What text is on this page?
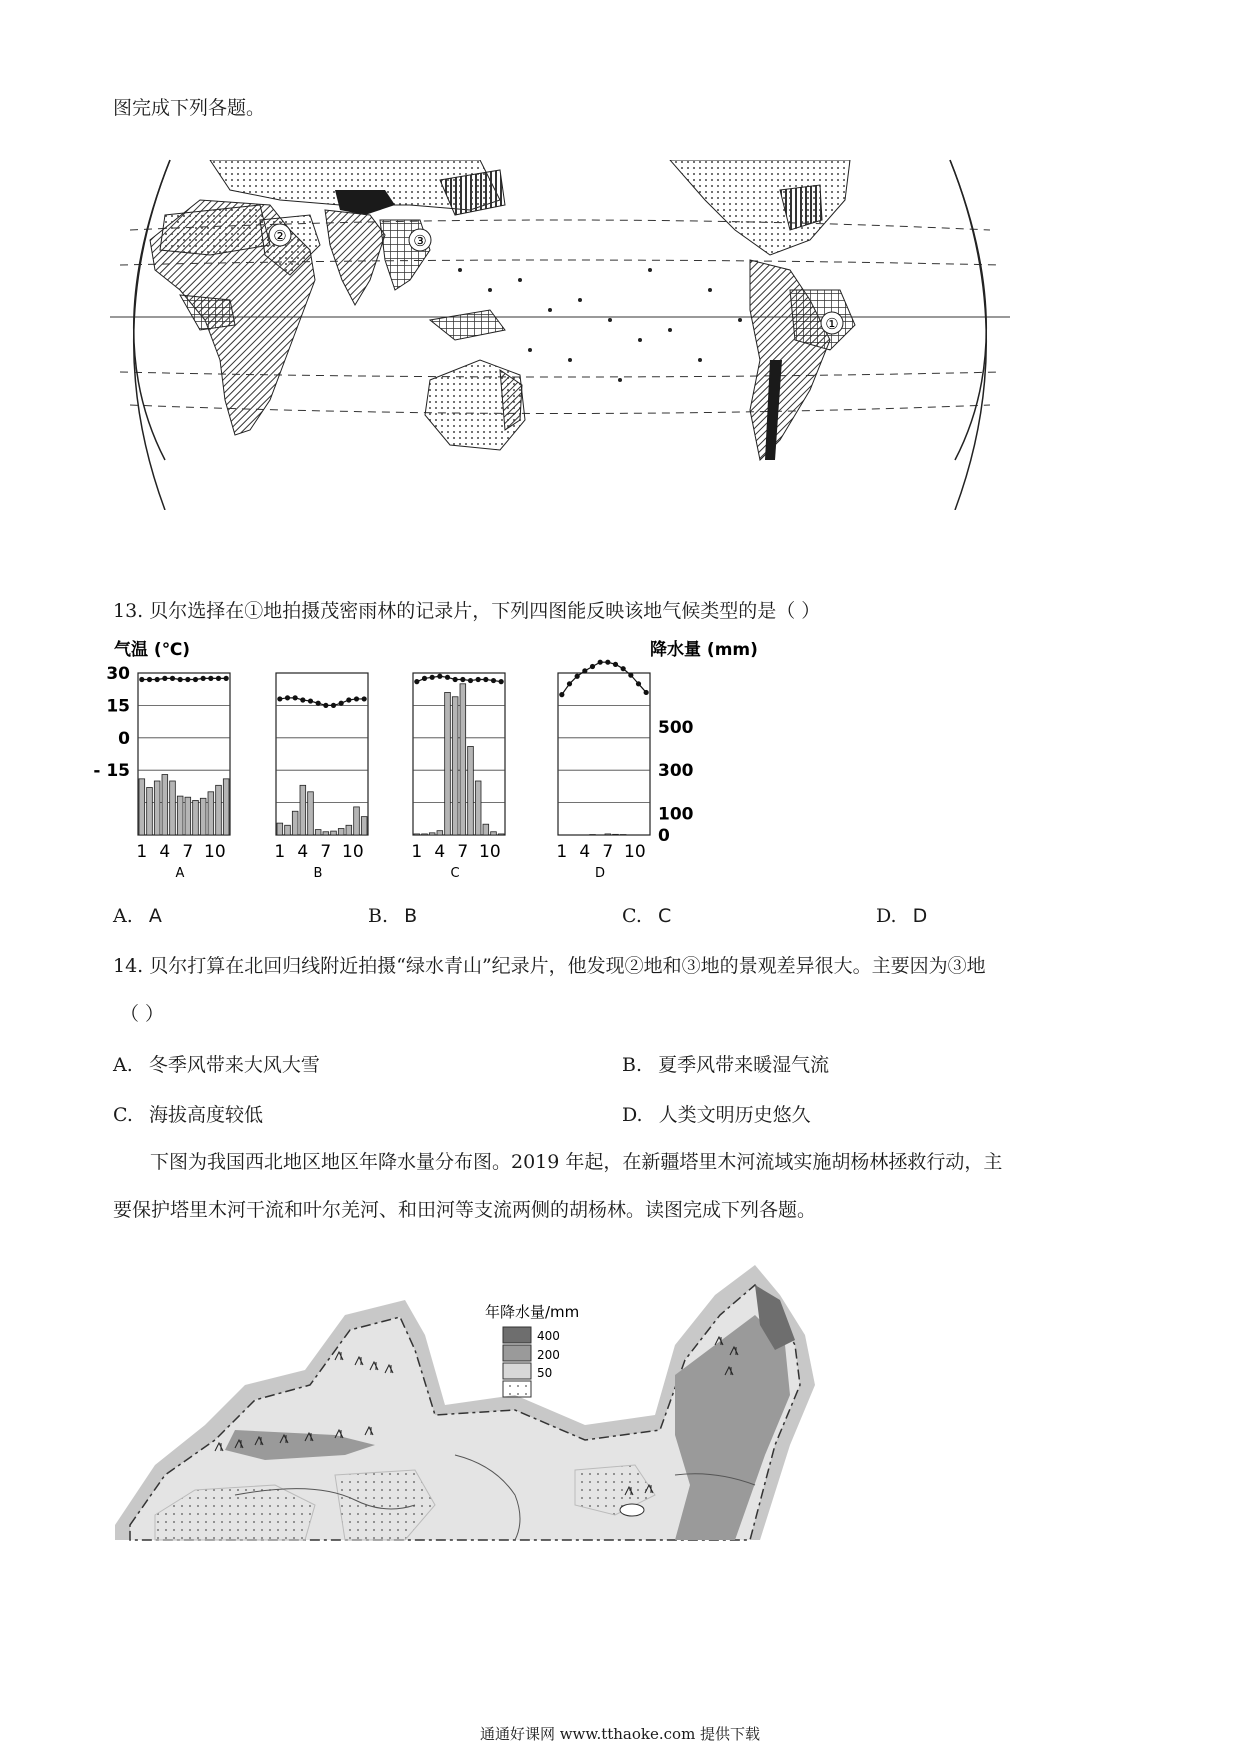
图完成下列各题。
①
②	③
13. 贝尔选择在①地拍摄茂密雨林的记录片，下列四图能反映该地气候类型的是（ ）
气温 (℃)	降水量 (mm)
30
15
0
- 15
500
300
100
0
1 4 7 10
A
1 4 7 10
B
1 4 7 10
C
1 4 7 10
D
A. A	B. B	C. C	D. D
14. 贝尔打算在北回归线附近拍摄“绿水青山”纪录片，他发现②地和③地的景观差异很大。主要因为③地
（ ）
A. 冬季风带来大风大雪	B. 夏季风带来暖湿气流
C. 海拔高度较低	D. 人类文明历史悠久
下图为我国西北地区地区年降水量分布图。2019 年起，在新疆塔里木河流域实施胡杨林拯救行动，主
要保护塔里木河干流和叶尔羌河、和田河等支流两侧的胡杨林。读图完成下列各题。
年降水量/mm
400
200
50
通通好课网 www.tthaoke.com 提供下载
